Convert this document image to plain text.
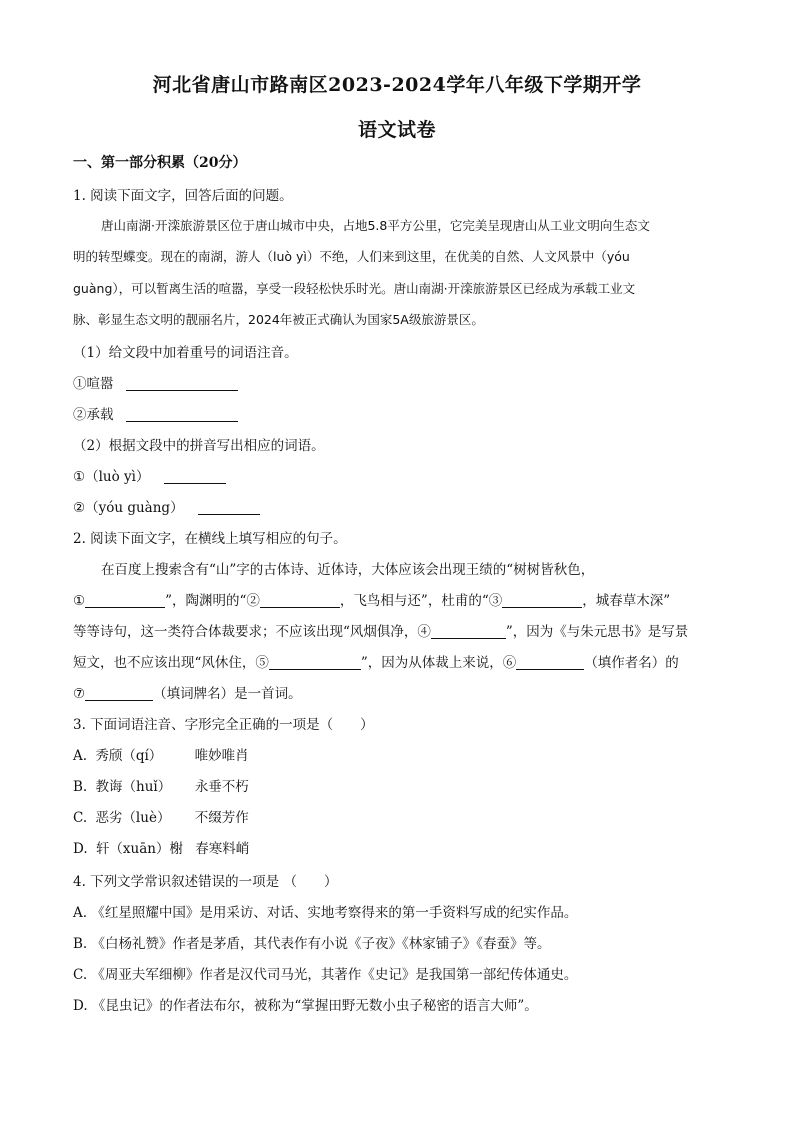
河北省唐山市路南区2023-2024学年八年级下学期开学
语文试卷
一、第一部分积累（20分）
1. 阅读下面文字，回答后面的问题。
唐山南湖·开滦旅游景区位于唐山城市中央，占地5.8平方公里，它完美呈现唐山从工业文明向生态文
明的转型蝶变。现在的南湖，游人（luò yì）不绝，人们来到这里，在优美的自然、人文风景中（yóu
guàng），可以暂离生活的喧嚣，享受一段轻松快乐时光。唐山南湖·开滦旅游景区已经成为承载工业文
脉、彰显生态文明的靓丽名片，2024年被正式确认为国家5A级旅游景区。
（1）给文段中加着重号的词语注音。
①喧嚣
②承载
（2）根据文段中的拼音写出相应的词语。
①（luò yì）
②（yóu guàng）
2. 阅读下面文字，在横线上填写相应的句子。
在百度上搜索含有“山”字的古体诗、近体诗，大体应该会出现王绩的“树树皆秋色，
①	”，陶渊明的“②	，飞鸟相与还”，杜甫的“③	，城春草木深”
等等诗句，这一类符合体裁要求；不应该出现“风烟俱净，④	”，因为《与朱元思书》是写景
短文，也不应该出现“风休住，⑤	”，因为从体裁上来说，⑥	（填作者名）的
⑦	（填词牌名）是一首词。
3. 下面词语注音、字形完全正确的一项是（　　）
A. 秀颀（qí） 唯妙唯肖
B. 教诲（huǐ） 永垂不朽
C. 恶劣（luè） 不缀芳作
D. 轩（xuān）榭 春寒料峭
4. 下列文学常识叙述错误的一项是 （　　）
A. 《红星照耀中国》是用采访、对话、实地考察得来的第一手资料写成的纪实作品。
B. 《白杨礼赞》作者是茅盾，其代表作有小说《子夜》《林家铺子》《春蚕》等。
C. 《周亚夫军细柳》作者是汉代司马光，其著作《史记》是我国第一部纪传体通史。
D. 《昆虫记》的作者法布尔，被称为“掌握田野无数小虫子秘密的语言大师”。
